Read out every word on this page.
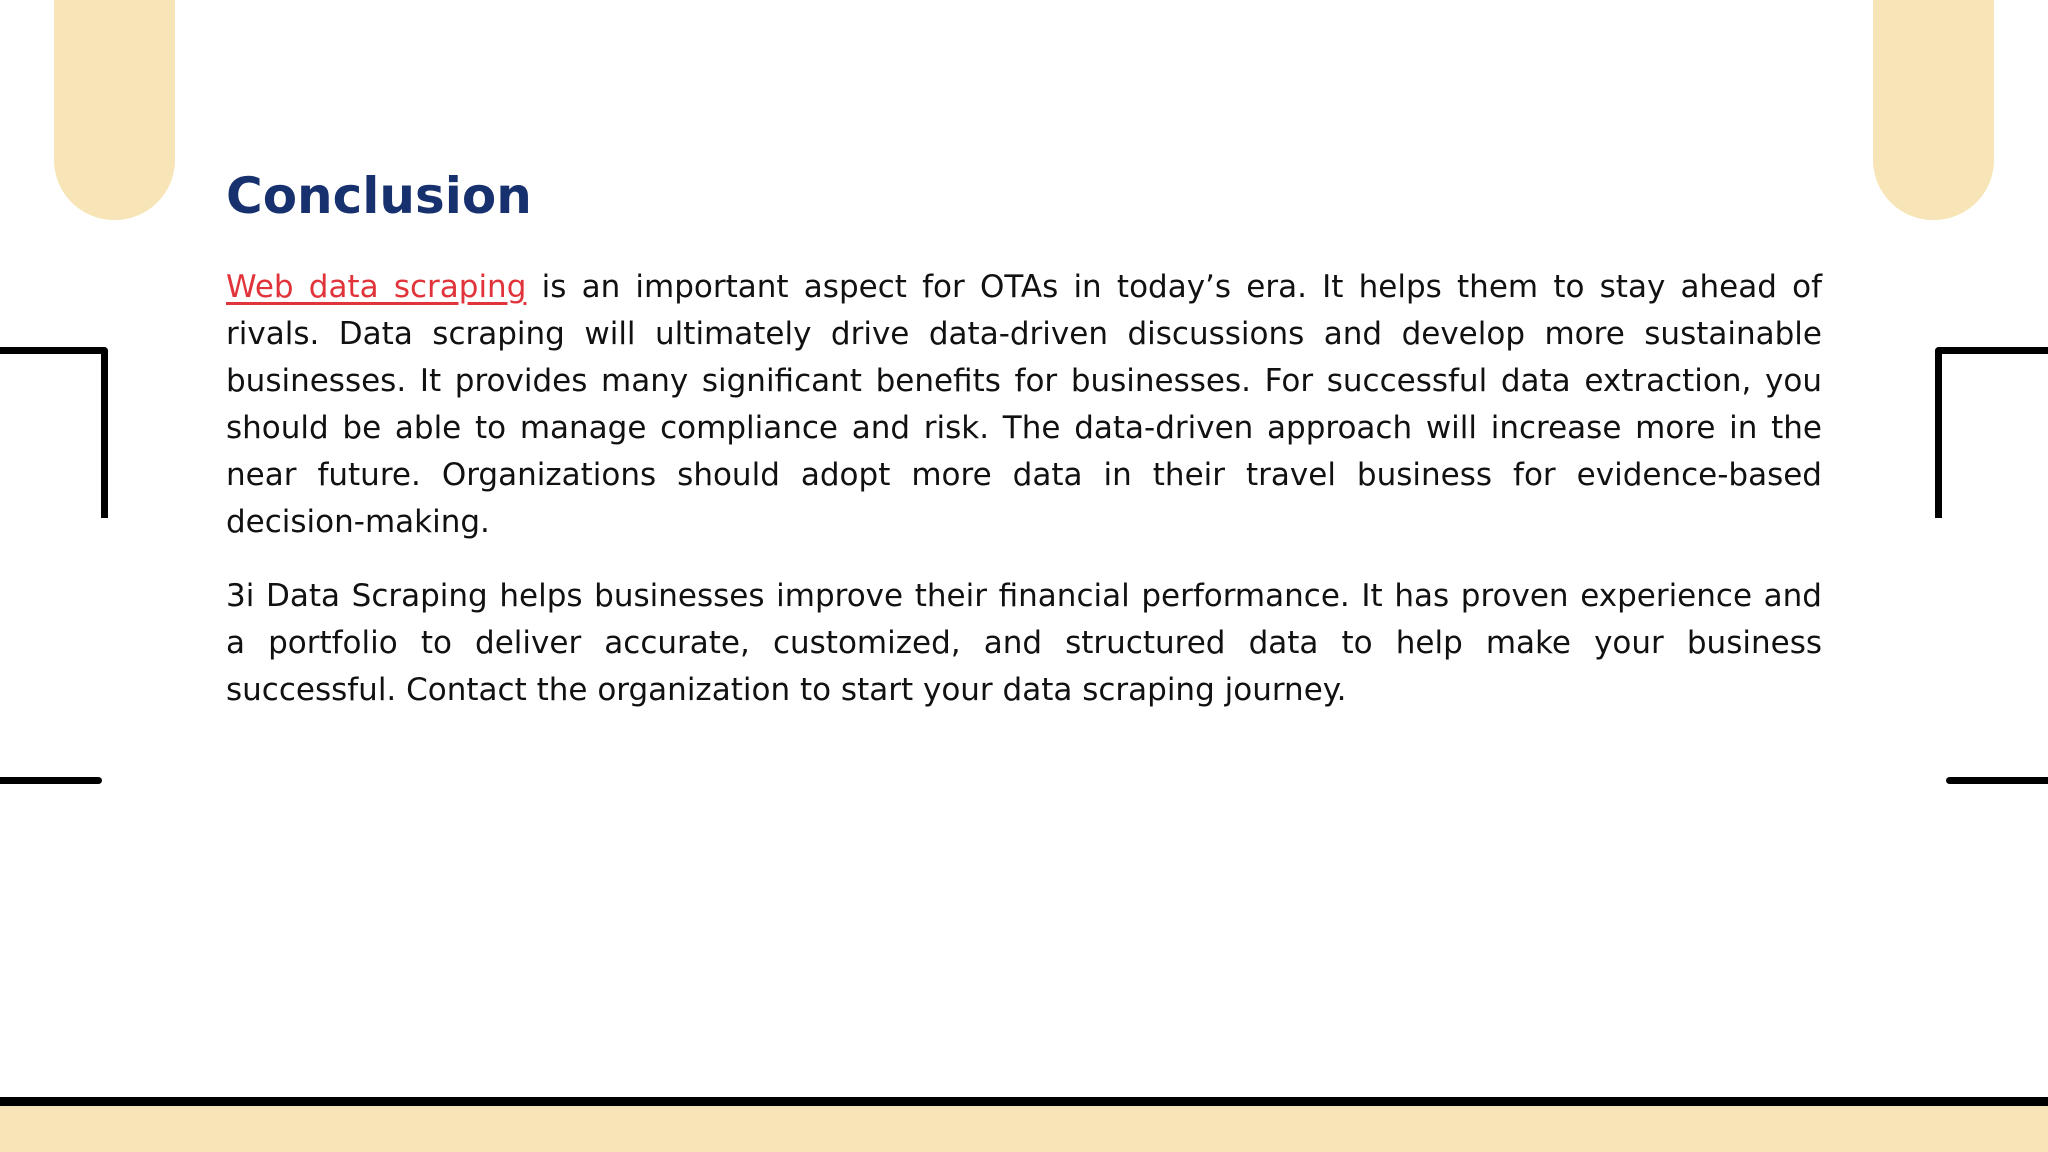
Conclusion

Web data scraping is an important aspect for OTAs in today’s era. It helps them to stay ahead of rivals. Data scraping will ultimately drive data-driven discussions and develop more sustainable businesses. It provides many significant benefits for businesses. For successful data extraction, you should be able to manage compliance and risk. The data-driven approach will increase more in the near future. Organizations should adopt more data in their travel business for evidence-based decision-making.

3i Data Scraping helps businesses improve their financial performance. It has proven experience and a portfolio to deliver accurate, customized, and structured data to help make your business successful. Contact the organization to start your data scraping journey.
